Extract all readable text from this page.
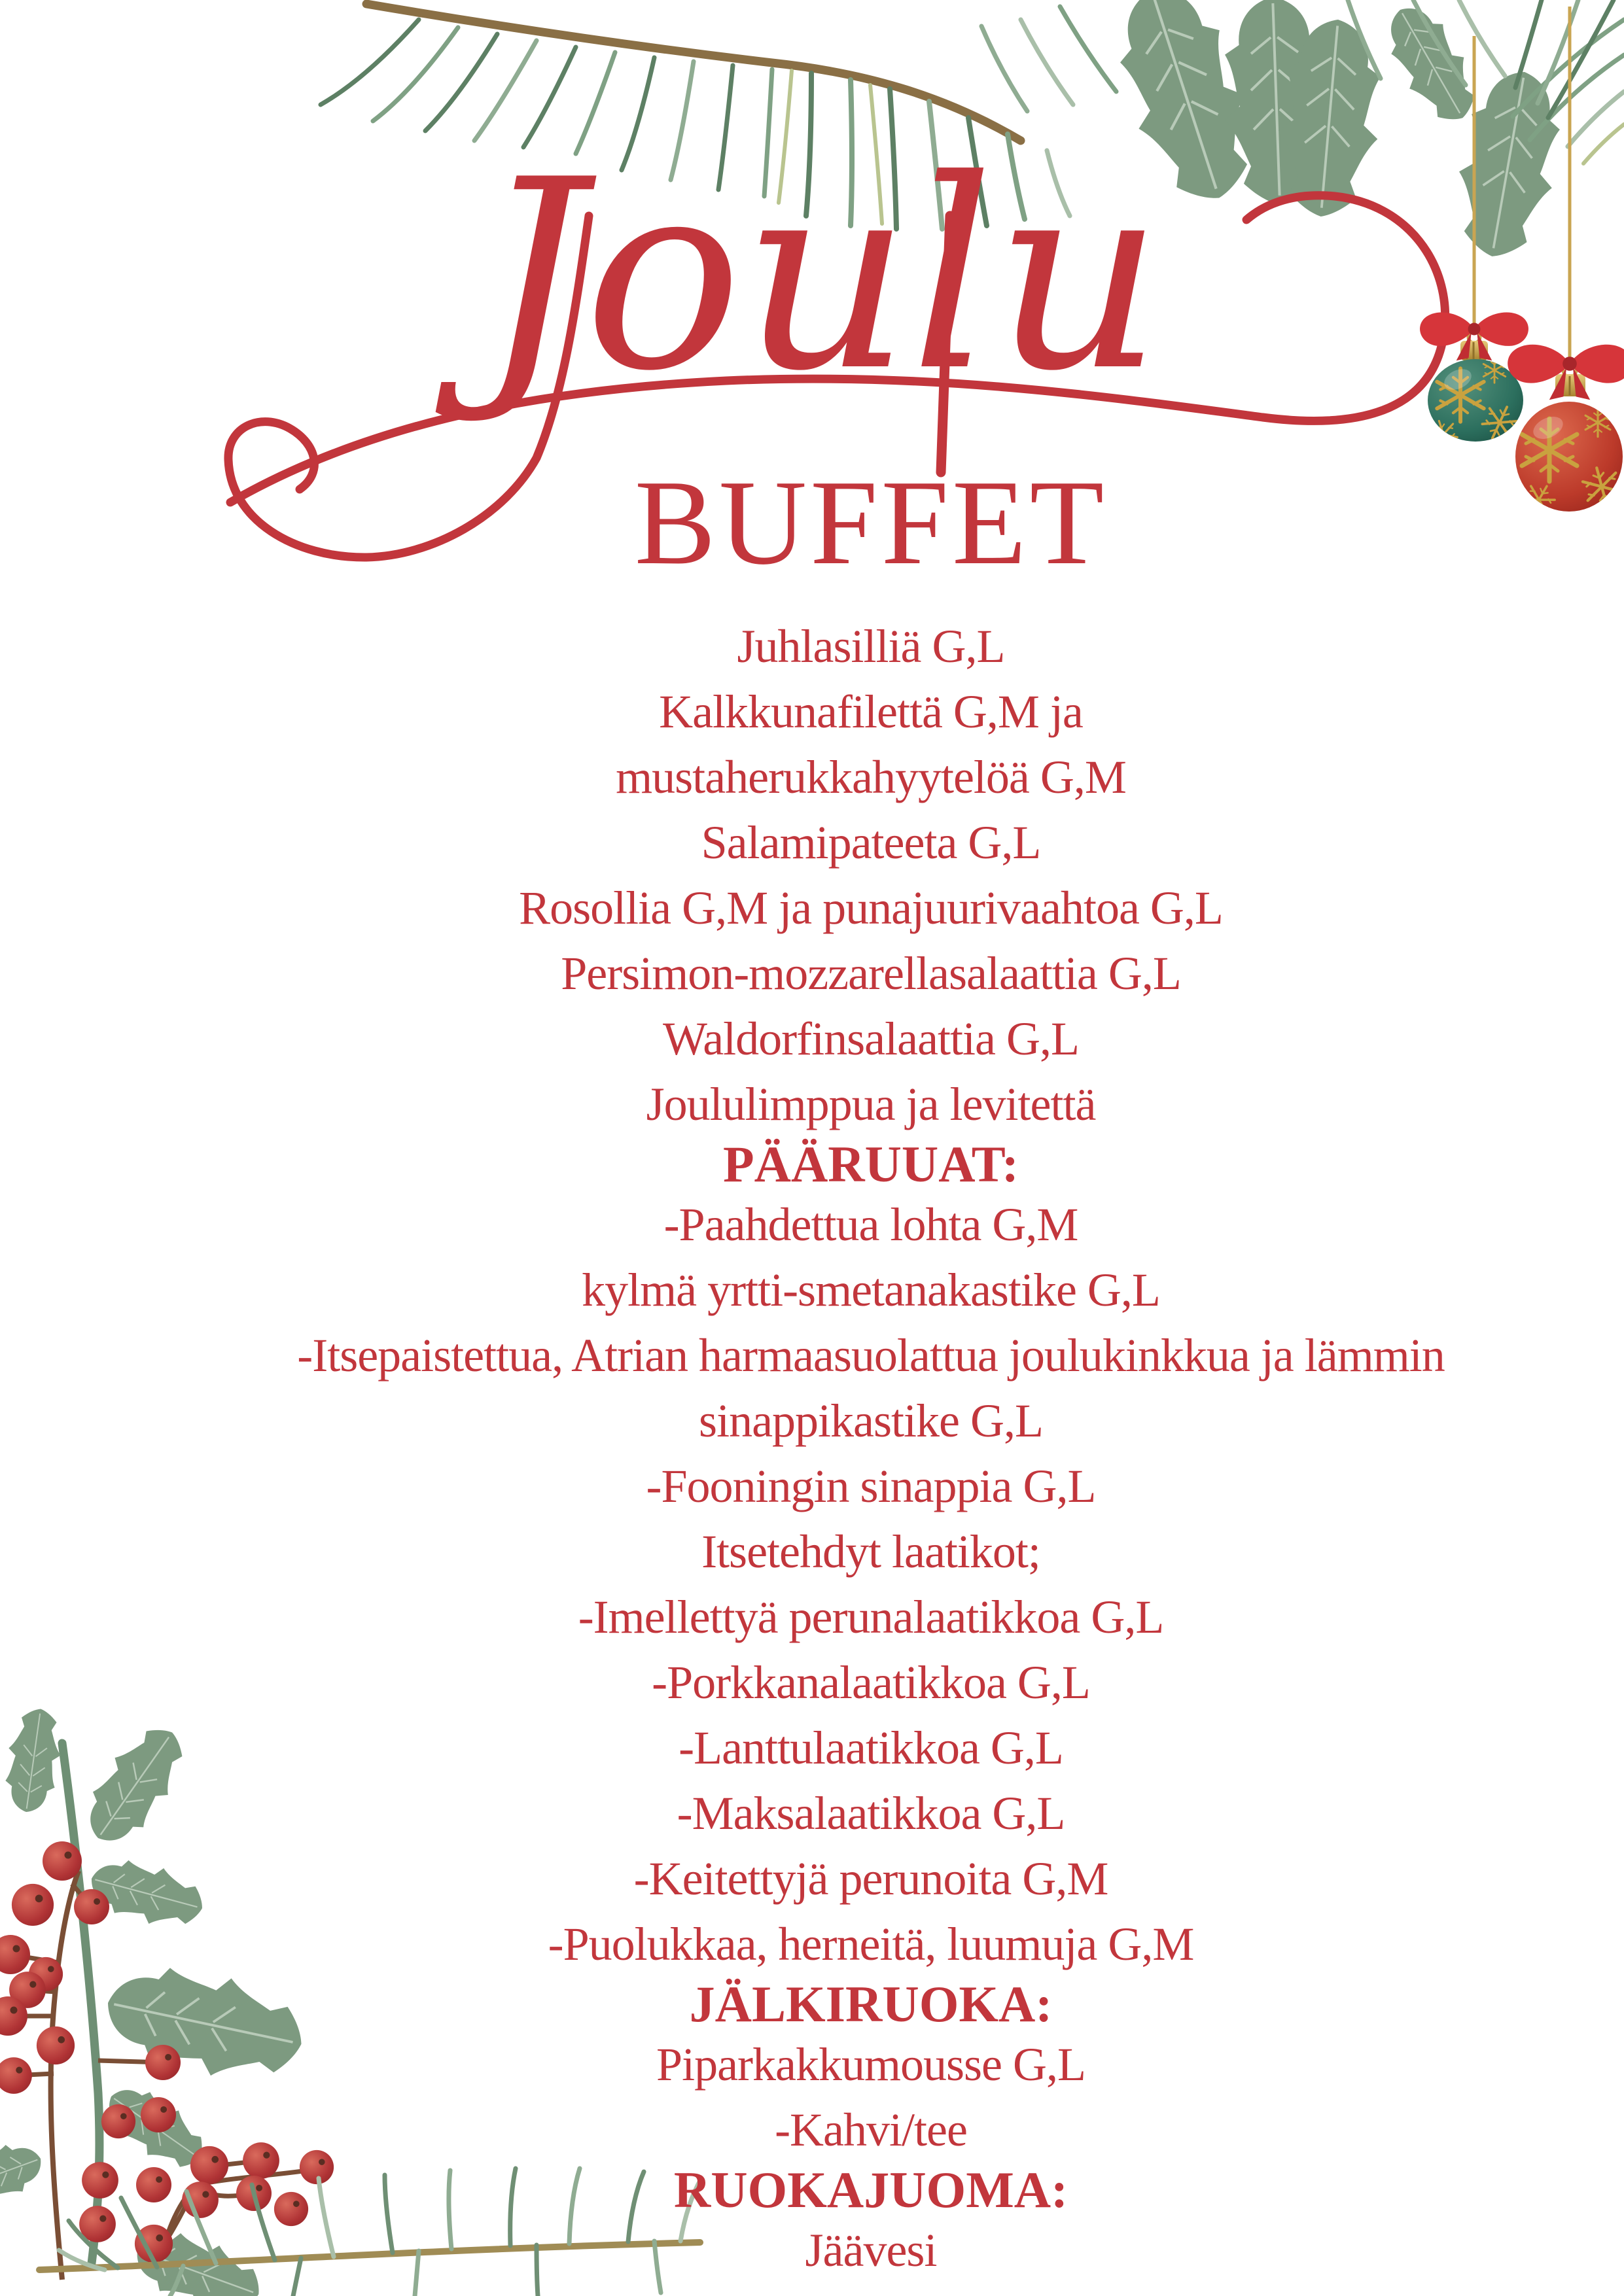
Joulu
BUFFET
Juhlasilliä G,L
Kalkkunafilettä G,M ja
mustaherukkahyytelöä G,M
Salamipateeta G,L
Rosollia G,M ja punajuurivaahtoa G,L
Persimon-mozzarellasalaattia G,L
Waldorfinsalaattia G,L
Joululimppua ja levitettä
PÄÄRUUAT:
-Paahdettua lohta G,M
kylmä yrtti-smetanakastike G,L
-Itsepaistettua, Atrian harmaasuolattua joulukinkkua ja lämmin
sinappikastike G,L
-Fooningin sinappia G,L
Itsetehdyt laatikot;
-Imellettyä perunalaatikkoa G,L
-Porkkanalaatikkoa G,L
-Lanttulaatikkoa G,L
-Maksalaatikkoa G,L
-Keitettyjä perunoita G,M
-Puolukkaa, herneitä, luumuja G,M
JÄLKIRUOKA:
Piparkakkumousse G,L
-Kahvi/tee
RUOKAJUOMA:
Jäävesi
